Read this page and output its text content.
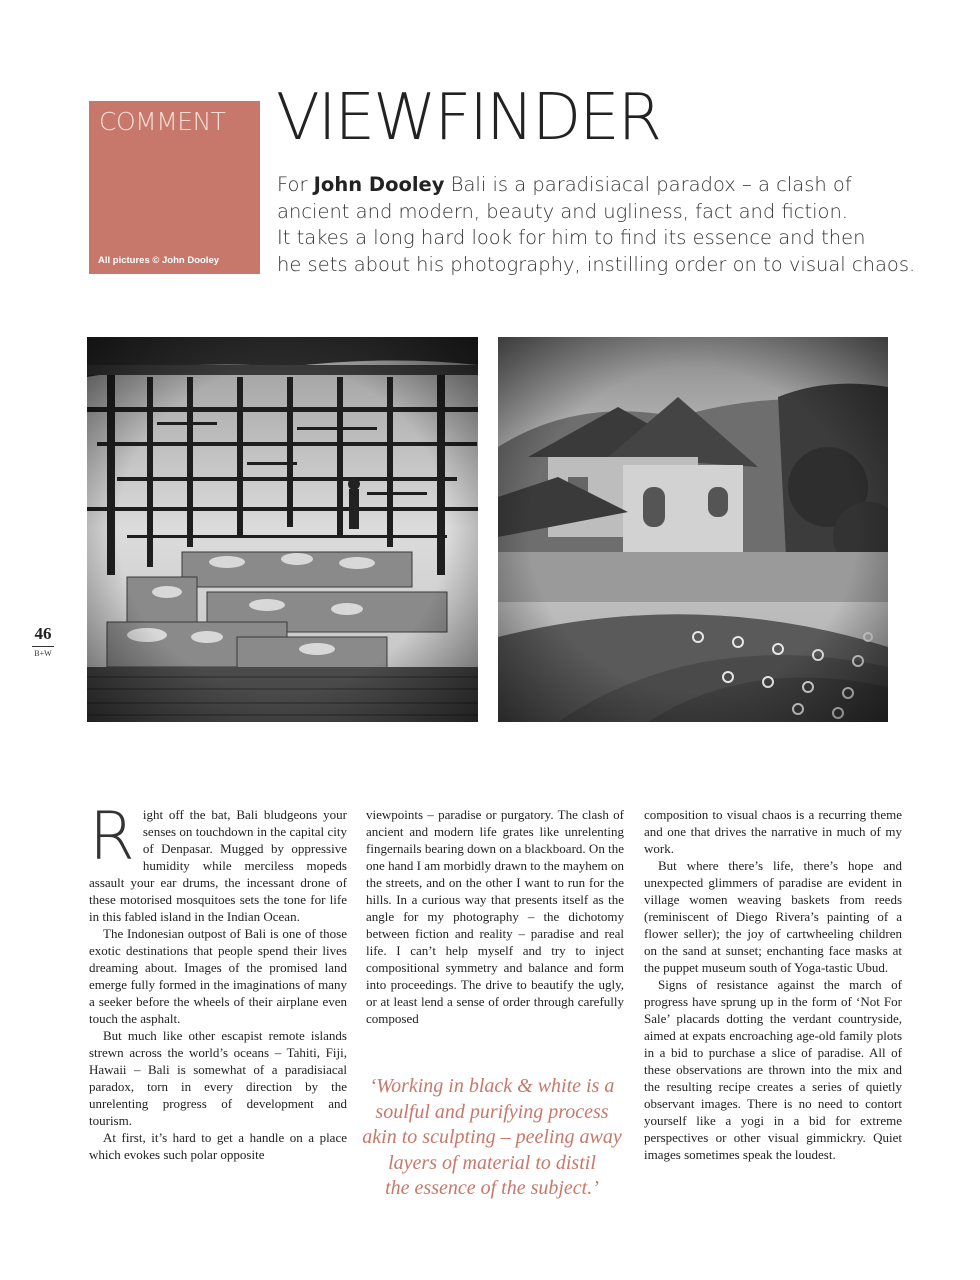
COMMENT
All pictures © John Dooley
VIEWFINDER

For John Dooley Bali is a paradisiacal paradox – a clash of

ancient and modern, beauty and ugliness, fact and fiction.

It takes a long hard look for him to find its essence and then

he sets about his photography, instilling order on to visual chaos.

46
B+W

Right off the bat, Bali bludgeons your senses on touchdown in the capital city of Denpasar. Mugged by oppressive humidity while merciless mopeds assault your ear drums, the incessant drone of these motorised mosquitoes sets the tone for life in this fabled island in the Indian Ocean.

The Indonesian outpost of Bali is one of those exotic destinations that people spend their lives dreaming about. Images of the promised land emerge fully formed in the imaginations of many a seeker before the wheels of their airplane even touch the asphalt.

But much like other escapist remote islands strewn across the world’s oceans – Tahiti, Fiji, Hawaii – Bali is somewhat of a paradisiacal paradox, torn in every direction by the unrelenting progress of development and tourism.

At first, it’s hard to get a handle on a place which evokes such polar opposite

viewpoints – paradise or purgatory. The clash of ancient and modern life grates like unrelenting fingernails bearing down on a blackboard. On the one hand I am morbidly drawn to the mayhem on the streets, and on the other I want to run for the hills. In a curious way that presents itself as the angle for my photography – the dichotomy between fiction and reality – paradise and real life. I can’t help myself and try to inject compositional symmetry and balance and form into proceedings. The drive to beautify the ugly, or at least lend a sense of order through carefully composed

‘Working in black & white is a
soulful and purifying process
akin to sculpting – peeling away
layers of material to distil
the essence of the subject.’

composition to visual chaos is a recurring theme and one that drives the narrative in much of my work.

But where there’s life, there’s hope and unexpected glimmers of paradise are evident in village women weaving baskets from reeds (reminiscent of Diego Rivera’s painting of a flower seller); the joy of cartwheeling children on the sand at sunset; enchanting face masks at the puppet museum south of Yoga-tastic Ubud.

Signs of resistance against the march of progress have sprung up in the form of ‘Not For Sale’ placards dotting the verdant countryside, aimed at expats encroaching age-old family plots in a bid to purchase a slice of paradise. All of these observations are thrown into the mix and the resulting recipe creates a series of quietly observant images. There is no need to contort yourself like a yogi in a bid for extreme perspectives or other visual gimmickry. Quiet images sometimes speak the loudest.
